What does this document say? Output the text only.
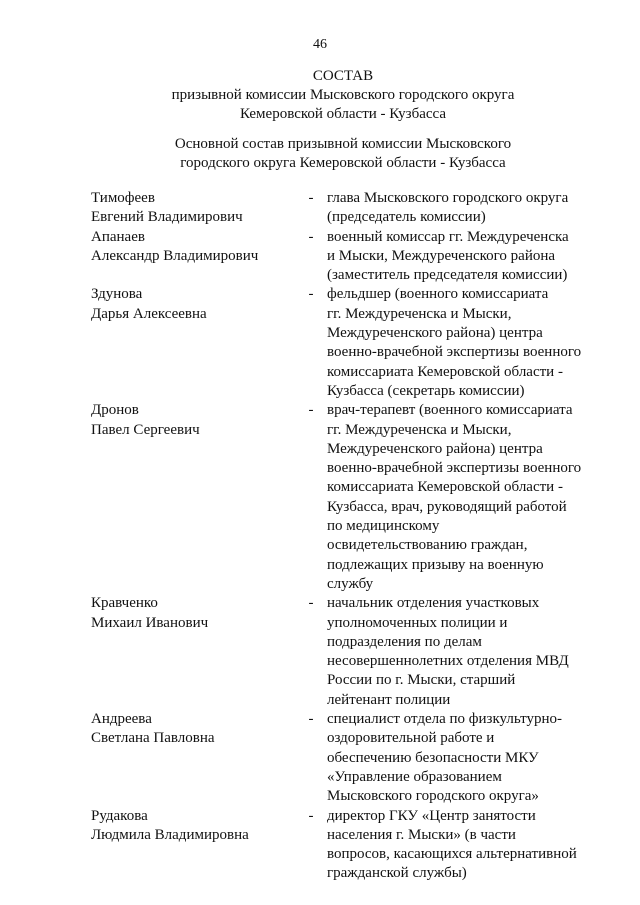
46
СОСТАВ
призывной комиссии Мысковского городского округа
Кемеровской области - Кузбасса
Основной состав призывной комиссии Мысковского
городского округа Кемеровской области - Кузбасса
Тимофеев
Евгений Владимирович
- глава Мысковского городского округа
(председатель комиссии)
Апанаев
Александр Владимирович
- военный комиссар гг. Междуреченска
и Мыски, Междуреченского района
(заместитель председателя комиссии)
Здунова
Дарья Алексеевна
- фельдшер (военного комиссариата
гг. Междуреченска и Мыски,
Междуреченского района) центра
военно-врачебной экспертизы военного
комиссариата Кемеровской области -
Кузбасса (секретарь комиссии)
Дронов
Павел Сергеевич
- врач-терапевт (военного комиссариата
гг. Междуреченска и Мыски,
Междуреченского района) центра
военно-врачебной экспертизы военного
комиссариата Кемеровской области -
Кузбасса, врач, руководящий работой
по медицинскому
освидетельствованию граждан,
подлежащих призыву на военную
службу
Кравченко
Михаил Иванович
- начальник отделения участковых
уполномоченных полиции и
подразделения по делам
несовершеннолетних отделения МВД
России по г. Мыски, старший
лейтенант полиции
Андреева
Светлана Павловна
- специалист отдела по физкультурно-
оздоровительной работе и
обеспечению безопасности МКУ
«Управление образованием
Мысковского городского округа»
Рудакова
Людмила Владимировна
- директор ГКУ «Центр занятости
населения г. Мыски» (в части
вопросов, касающихся альтернативной
гражданской службы)
